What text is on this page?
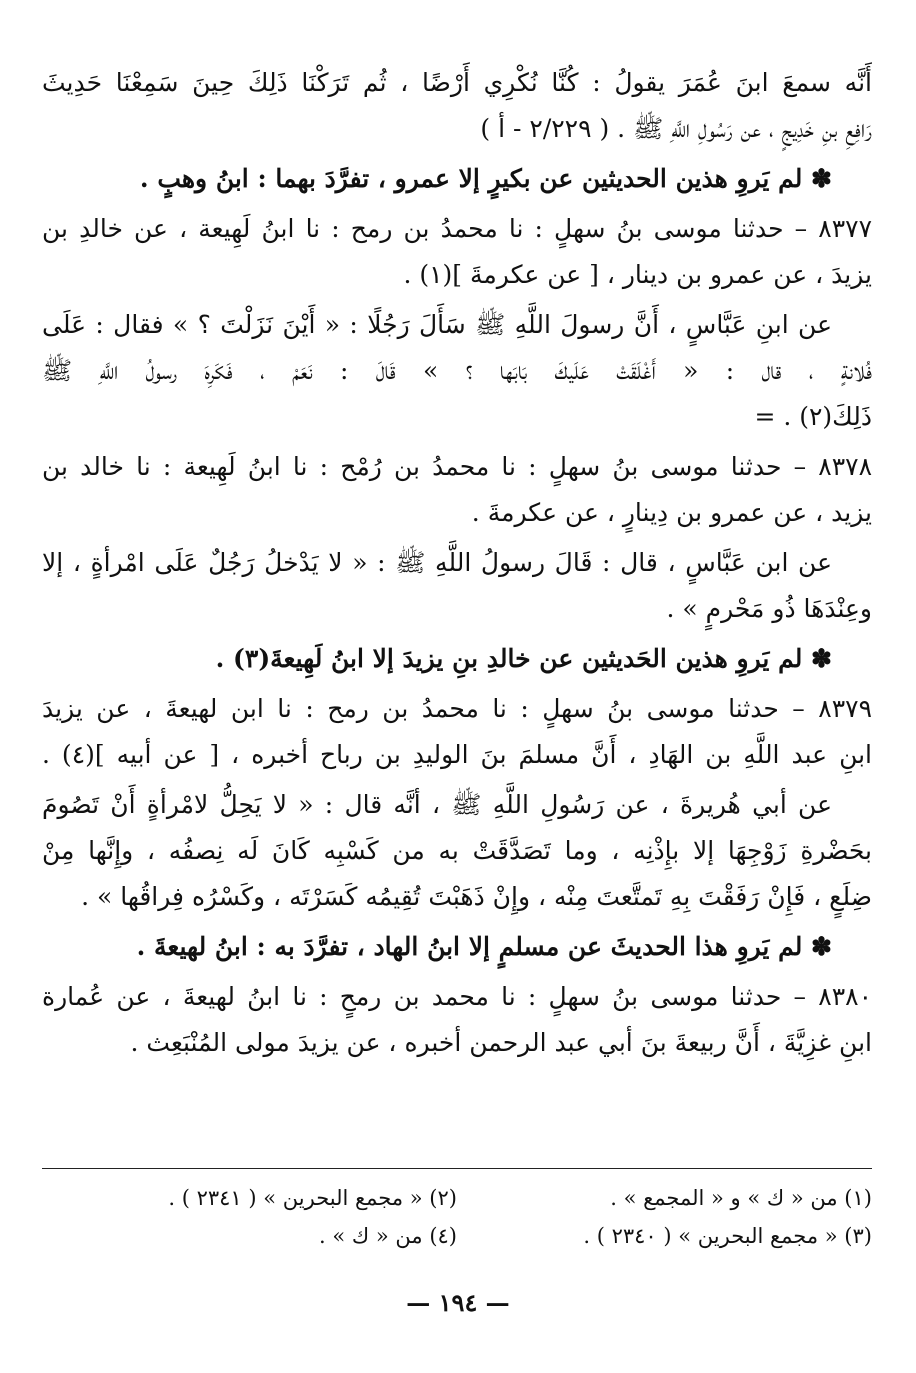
أَنَّه سمعَ ابنَ عُمَرَ يقولُ : كُنَّا نُكْرِي أَرْضًا ، ثُم تَرَكْنَا ذَلِكَ حِينَ سَمِعْنَا حَدِيثَ
رَافِعِ بنِ خَدِيجٍ ، عن رَسُولِ اللَّهِ ﷺ . ( ٢/٢٢٩ - أ )
✽ لم يَروِ هذين الحديثين عن بكيرٍ إلا عمرو ، تفرَّدَ بهما : ابنُ وهبٍ .
٨٣٧٧ – حدثنا موسى بنُ سهلٍ : نا محمدُ بن رمح : نا ابنُ لَهِيعة ، عن خالدِ بن
يزيدَ ، عن عمرو بن دينار ، [ عن عكرمةَ ](١) .
عن ابنِ عَبَّاسٍ ، أَنَّ رسولَ اللَّهِ ﷺ سَأَلَ رَجُلًا : « أَيْنَ نَزَلْتَ ؟ » فقال : عَلَى
فُلانةٍ ، قال : « أَغْلَقَتْ عَلَيكَ بَابَها ؟ » قَالَ : نَعَمْ ، فَكَرِهَ رسولُ اللَّهِ ﷺ
ذَلِكَ(٢) . =
٨٣٧٨ – حدثنا موسى بنُ سهلٍ : نا محمدُ بن رُمْح : نا ابنُ لَهِيعة : نا خالد بن
يزيد ، عن عمرو بن دِينارٍ ، عن عكرمةَ .
عن ابن عَبَّاسٍ ، قال : قَالَ رسولُ اللَّهِ ﷺ : « لا يَدْخلُ رَجُلٌ عَلَى امْرأةٍ ، إلا
وعِنْدَهَا ذُو مَحْرمٍ » .
✽ لم يَروِ هذين الحَديثين عن خالدِ بنِ يزيدَ إلا ابنُ لَهِيعةَ(٣) .
٨٣٧٩ – حدثنا موسى بنُ سهلٍ : نا محمدُ بن رمح : نا ابن لهيعةَ ، عن يزيدَ
ابنِ عبد اللَّهِ بن الهَادِ ، أَنَّ مسلمَ بنَ الوليدِ بن رباح أخبره ، [ عن أبيه ](٤) .
عن أبي هُريرةَ ، عن رَسُولِ اللَّهِ ﷺ ، أنَّه قال : « لا يَحِلُّ لامْرأةٍ أَنْ تَصُومَ
بحَضْرةِ زَوْجِهَا إلا بإِذْنِه ، وما تَصَدَّقَتْ به من كَسْبِه كَانَ لَه نِصفُه ، وإِنَّها مِنْ
ضِلَعٍ ، فَإِنْ رَفَقْتَ بِهِ تَمتَّعتَ مِنْه ، وإِنْ ذَهَبْتَ تُقِيمُه كَسَرْتَه ، وكَسْرُه فِراقُها » .
✽ لم يَروِ هذا الحديثَ عن مسلمٍ إلا ابنُ الهاد ، تفرَّدَ به : ابنُ لهيعةَ .
٨٣٨٠ – حدثنا موسى بنُ سهلٍ : نا محمد بن رمحٍ : نا ابنُ لهيعةَ ، عن عُمارة
ابنِ غزِيَّةَ ، أَنَّ ربيعةَ بنَ أبي عبد الرحمن أخبره ، عن يزيدَ مولى المُنْبَعِث .
(١) من « ك » و « المجمع » .
(٢) « مجمع البحرين » ( ٢٣٤١ ) .
(٣) « مجمع البحرين » ( ٢٣٤٠ ) .
(٤) من « ك » .
— ١٩٤ —
